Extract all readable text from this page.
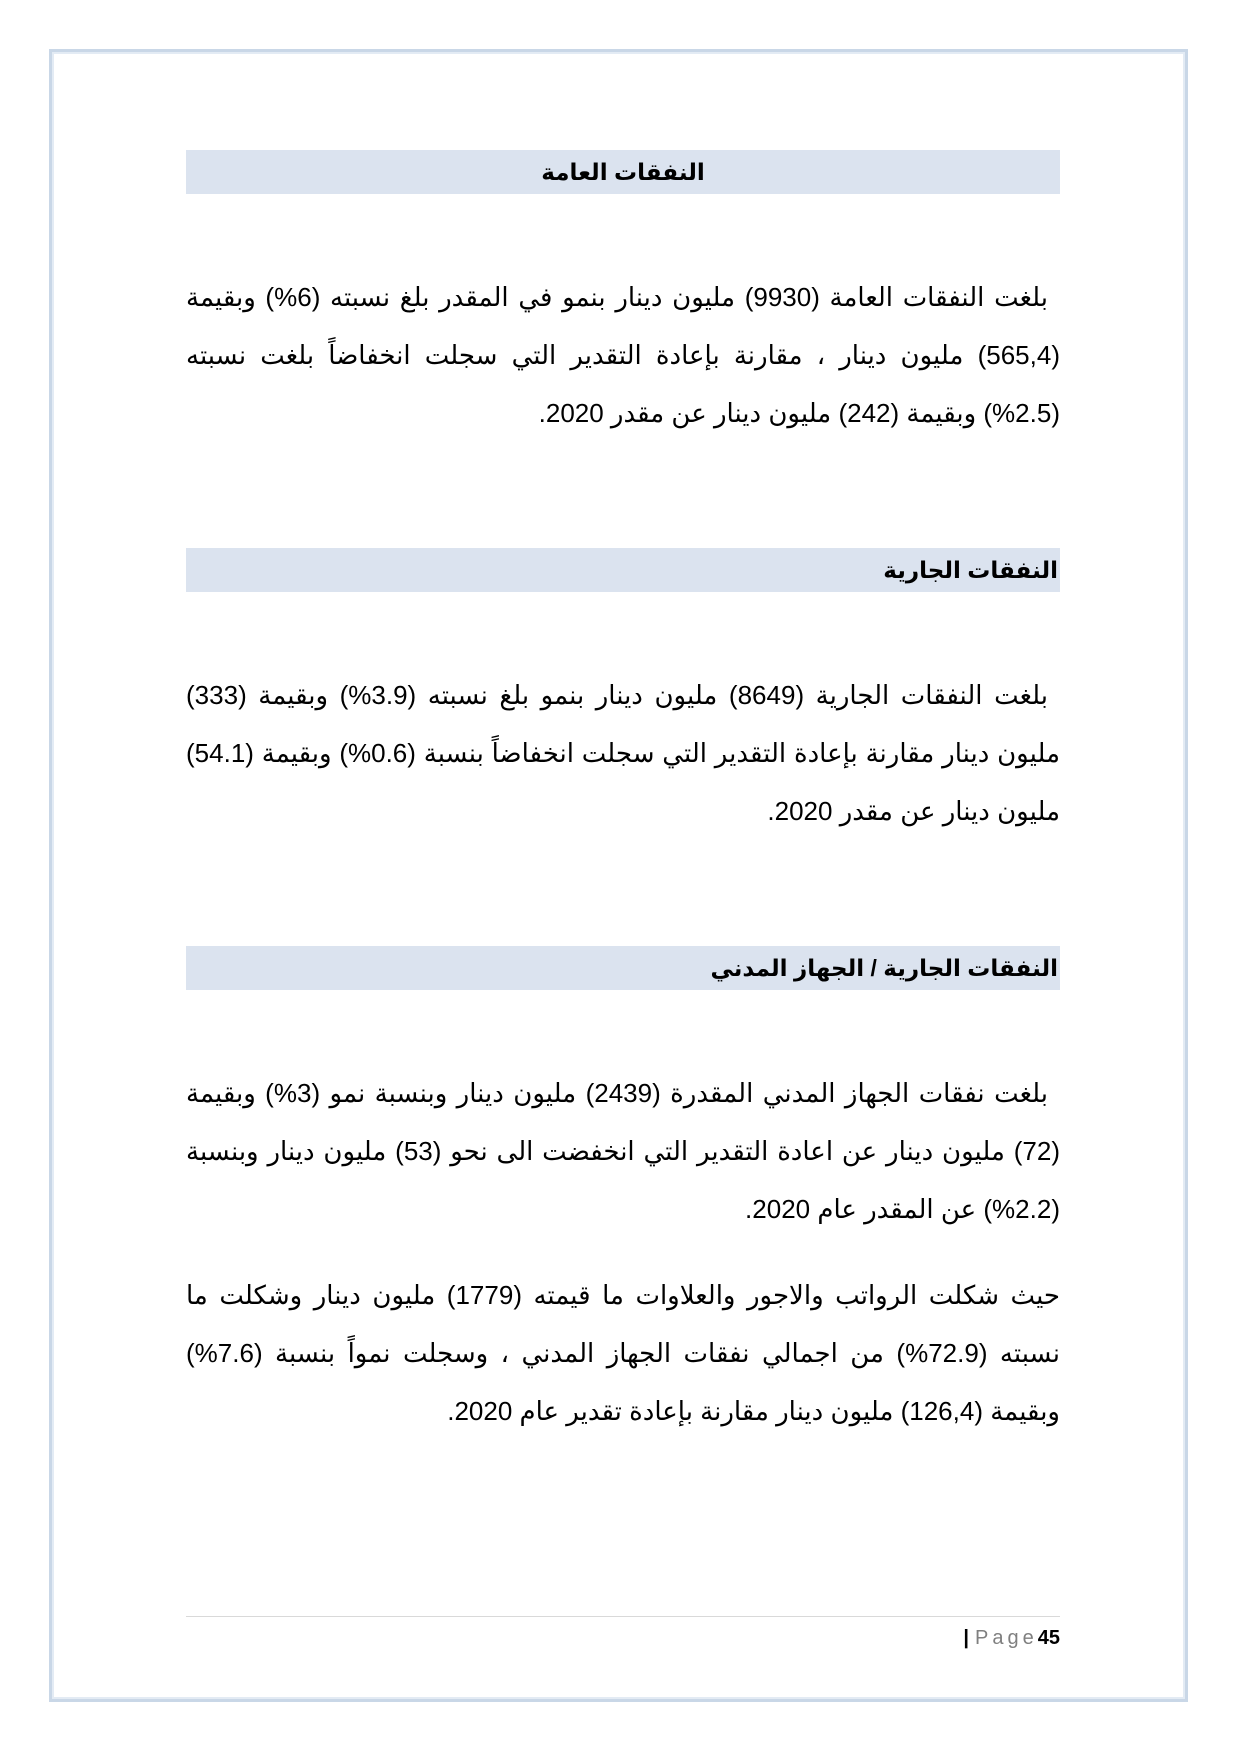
النفقات العامة

بلغت النفقات العامة (9930) مليون دينار بنمو في المقدر بلغ نسبته (6%) وبقيمة (565,4) مليون دينار ، مقارنة بإعادة التقدير التي سجلت انخفاضاً بلغت نسبته (2.5%) وبقيمة (242) مليون دينار عن مقدر 2020.

النفقات الجارية

بلغت النفقات الجارية (8649) مليون دينار بنمو بلغ نسبته (3.9%) وبقيمة (333) مليون دينار مقارنة بإعادة التقدير التي سجلت انخفاضاً بنسبة (0.6%) وبقيمة (54.1) مليون دينار عن مقدر 2020.

النفقات الجارية / الجهاز المدني

بلغت نفقات الجهاز المدني المقدرة (2439) مليون دينار وبنسبة نمو (3%) وبقيمة (72) مليون دينار عن اعادة التقدير التي انخفضت الى نحو (53) مليون دينار وبنسبة (2.2%) عن المقدر عام 2020.

حيث شكلت الرواتب والاجور والعلاوات ما قيمته (1779) مليون دينار وشكلت ما نسبته (72.9%) من اجمالي نفقات الجهاز المدني ، وسجلت نمواً بنسبة (7.6%) وبقيمة (126,4) مليون دينار مقارنة بإعادة تقدير عام 2020.

| Page45
